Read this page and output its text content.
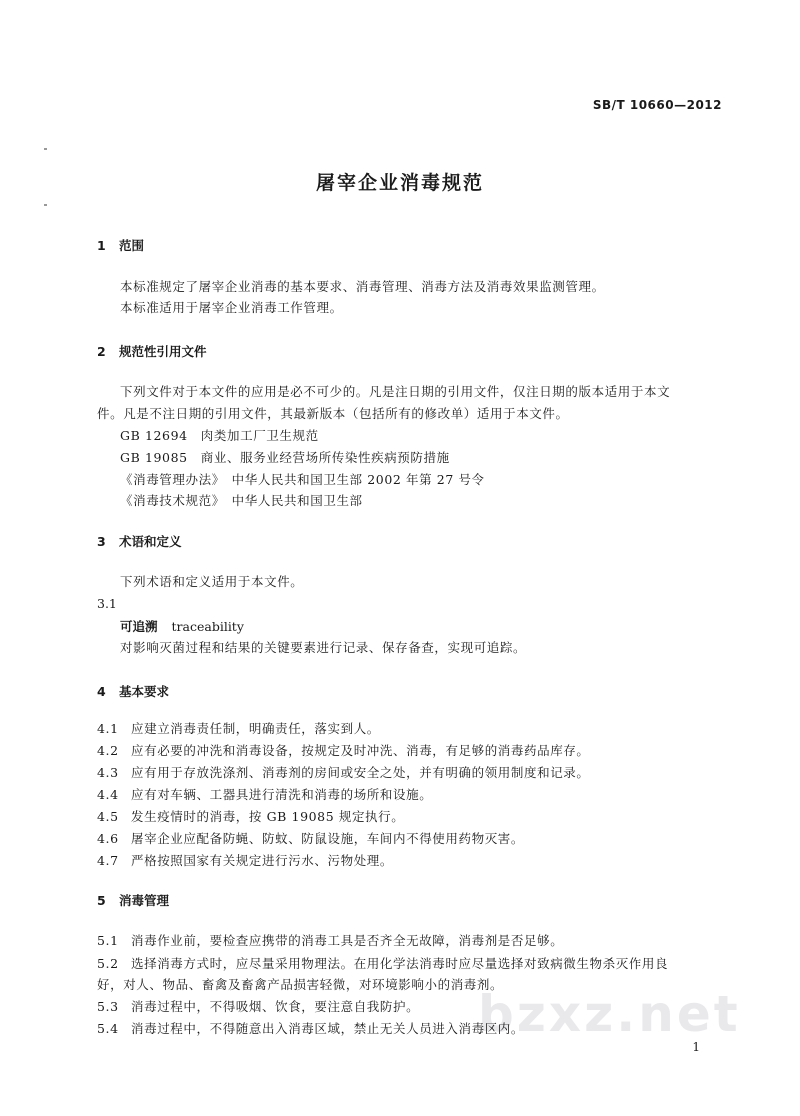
bzxz.net
SB/T 10660—2012
屠宰企业消毒规范
1 范围
本标准规定了屠宰企业消毒的基本要求、消毒管理、消毒方法及消毒效果监测管理。
本标准适用于屠宰企业消毒工作管理。
2 规范性引用文件
下列文件对于本文件的应用是必不可少的。凡是注日期的引用文件，仅注日期的版本适用于本文
件。凡是不注日期的引用文件，其最新版本（包括所有的修改单）适用于本文件。
GB 12694　肉类加工厂卫生规范
GB 19085　商业、服务业经营场所传染性疾病预防措施
《消毒管理办法》　中华人民共和国卫生部 2002 年第 27 号令
《消毒技术规范》　中华人民共和国卫生部
3 术语和定义
下列术语和定义适用于本文件。
3.1
可追溯 traceability
对影响灭菌过程和结果的关键要素进行记录、保存备查，实现可追踪。
4 基本要求
4.1 应建立消毒责任制，明确责任，落实到人。
4.2 应有必要的冲洗和消毒设备，按规定及时冲洗、消毒，有足够的消毒药品库存。
4.3 应有用于存放洗涤剂、消毒剂的房间或安全之处，并有明确的领用制度和记录。
4.4 应有对车辆、工器具进行清洗和消毒的场所和设施。
4.5 发生疫情时的消毒，按 GB 19085 规定执行。
4.6 屠宰企业应配备防蝇、防蚊、防鼠设施，车间内不得使用药物灭害。
4.7 严格按照国家有关规定进行污水、污物处理。
5 消毒管理
5.1 消毒作业前，要检查应携带的消毒工具是否齐全无故障，消毒剂是否足够。
5.2 选择消毒方式时，应尽量采用物理法。在用化学法消毒时应尽量选择对致病微生物杀灭作用良
好，对人、物品、畜禽及畜禽产品损害轻微，对环境影响小的消毒剂。
5.3 消毒过程中，不得吸烟、饮食，要注意自我防护。
5.4 消毒过程中，不得随意出入消毒区域，禁止无关人员进入消毒区内。
1
